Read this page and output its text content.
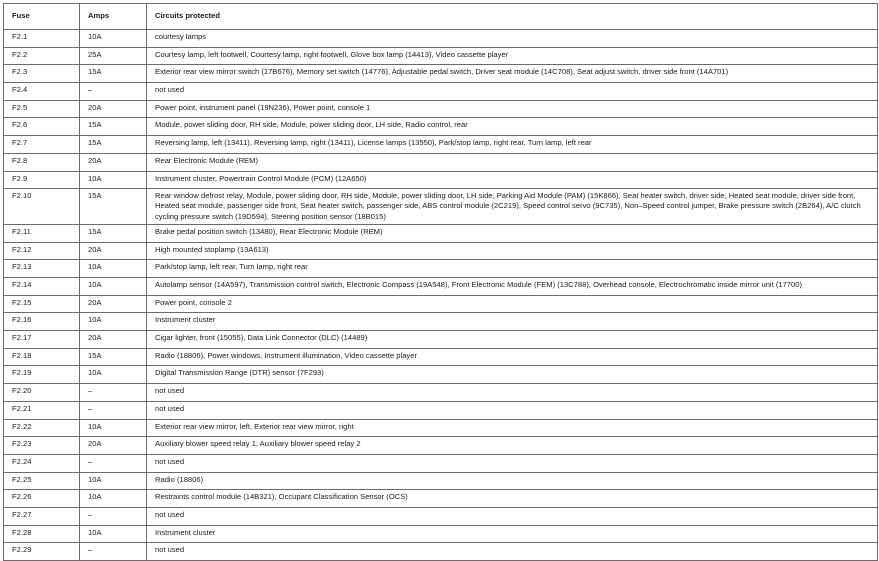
Fuse	Amps	Circuits protected
F2.1	10A	courtesy lamps
F2.2	25A	Courtesy lamp, left footwell, Courtesy lamp, right footwell, Glove box lamp (14413), Video cassette player
F2.3	15A	Exterior rear view mirror switch (17B676), Memory set switch (14776), Adjustable pedal switch, Driver seat module (14C708), Seat adjust switch, driver side front (14A701)
F2.4	–	not used
F2.5	20A	Power point, instrument panel (19N236), Power point, console 1
F2.6	15A	Module, power sliding door, RH side, Module, power sliding door, LH side, Radio control, rear
F2.7	15A	Reversing lamp, left (13411), Reversing lamp, right (13411), License lamps (13550), Park/stop lamp, right rear, Turn lamp, left rear
F2.8	20A	Rear Electronic Module (REM)
F2.9	10A	Instrument cluster, Powertrain Control Module (PCM) (12A650)
F2.10	15A	Rear window defrost relay, Module, power sliding door, RH side, Module, power sliding door, LH side, Parking Aid Module (PAM) (15K866), Seat heater switch, driver side, Heated seat module, driver side front, Heated seat module, passenger side front, Seat heater switch, passenger side, ABS control module (2C219), Speed control servo (9C735), Non–Speed control jumper, Brake pressure switch (2B264), A/C clutch cycling pressure switch (19D594), Steering position sensor (18B015)
F2.11	15A	Brake pedal position switch (13480), Rear Electronic Module (REM)
F2.12	20A	High mounted stoplamp (13A613)
F2.13	10A	Park/stop lamp, left rear, Turn lamp, right rear
F2.14	10A	Autolamp sensor (14A597), Transmission control switch, Electronic Compass (19A548), Front Electronic Module (FEM) (13C788), Overhead console, Electrochromatic inside mirror unit (17700)
F2.15	20A	Power point, console 2
F2.16	10A	Instrument cluster
F2.17	20A	Cigar lighter, front (15055), Data Link Connector (DLC) (14489)
F2.18	15A	Radio (18806), Power windows, Instrument illumination, Video cassette player
F2.19	10A	Digital Transmission Range (DTR) sensor (7F293)
F2.20	–	not used
F2.21	–	not used
F2.22	10A	Exterior rear view mirror, left, Exterior rear view mirror, right
F2.23	20A	Auxiliary blower speed relay 1, Auxiliary blower speed relay 2
F2.24	–	not used
F2.25	10A	Radio (18806)
F2.26	10A	Restraints control module (14B321), Occupant Classification Sensor (OCS)
F2.27	–	not used
F2.28	10A	Instrument cluster
F2.29	–	not used
